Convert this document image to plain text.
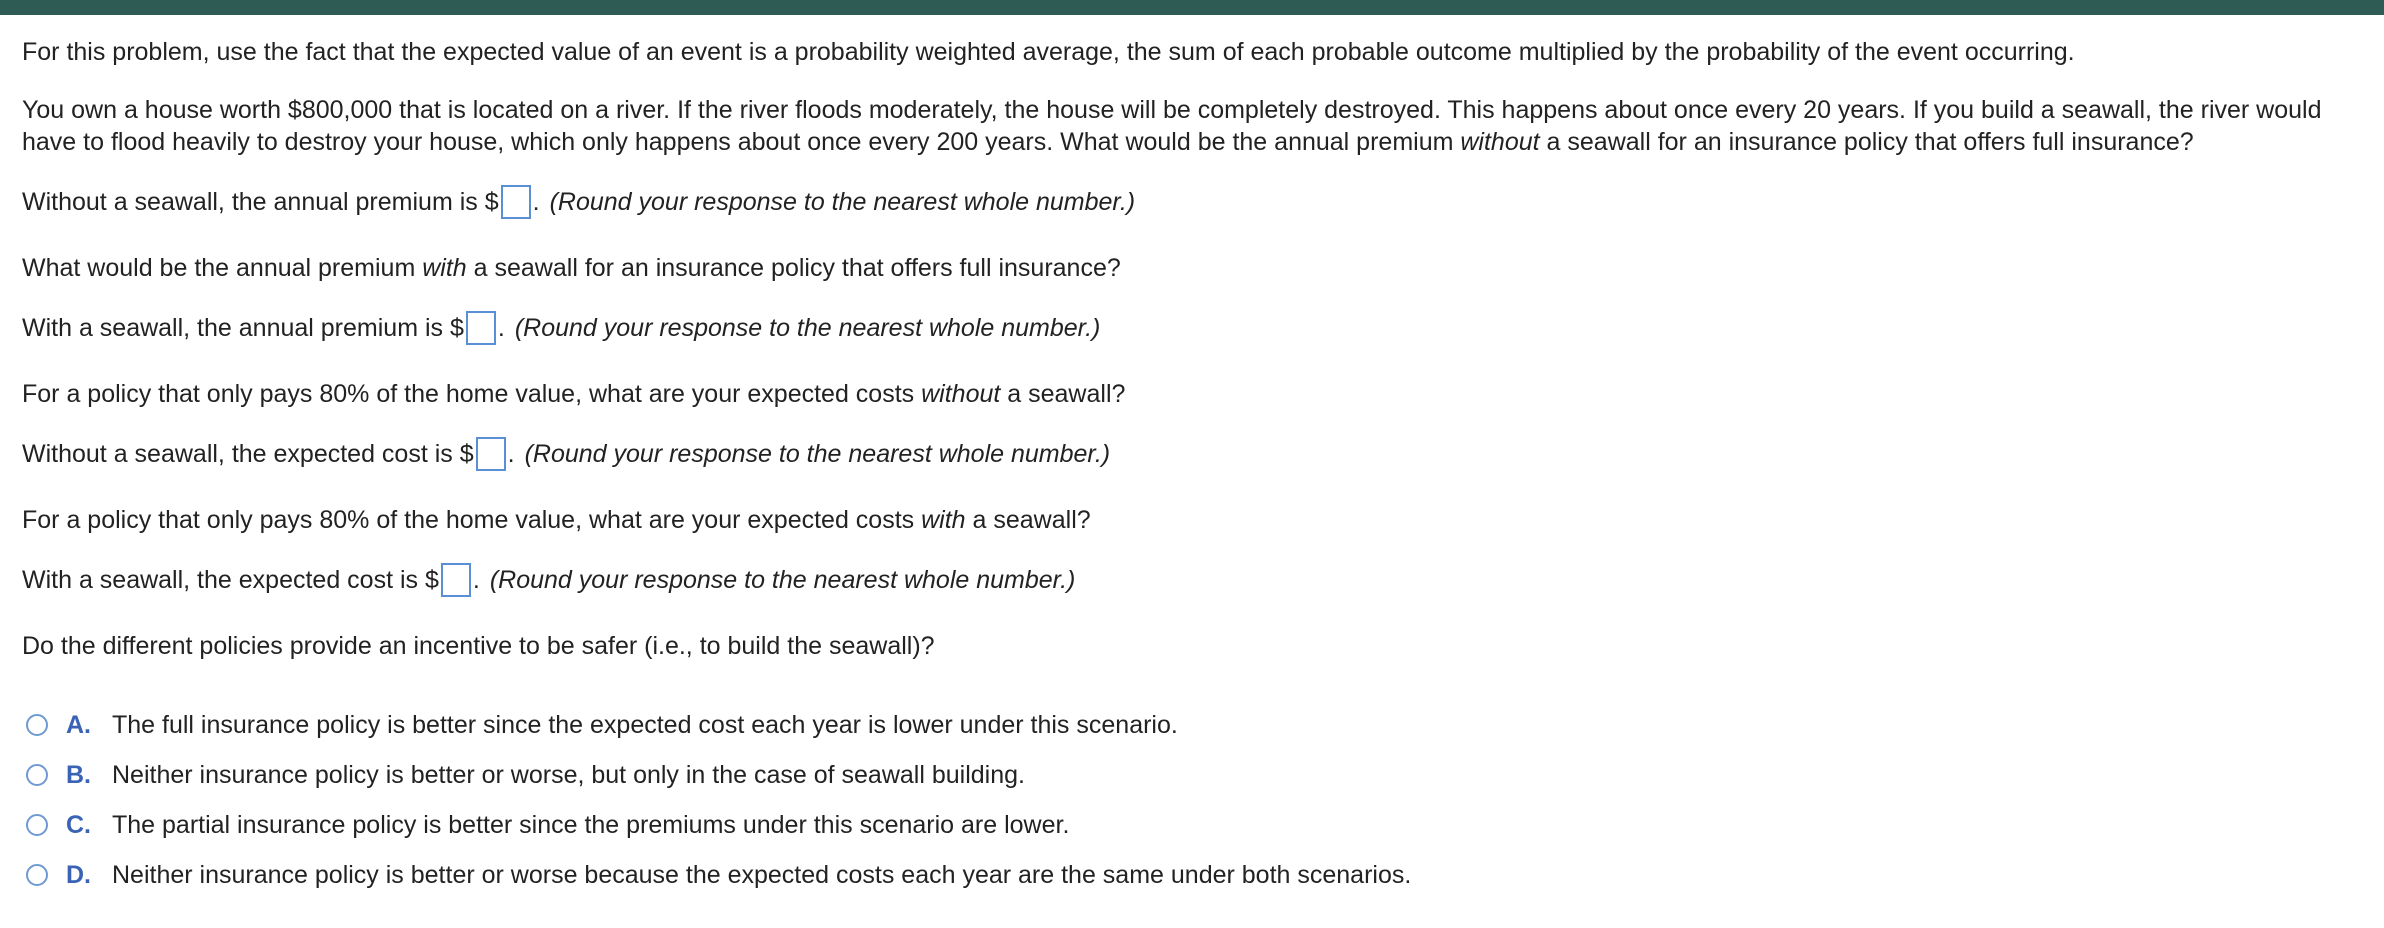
For this problem, use the fact that the expected value of an event is a probability weighted average, the sum of each probable outcome multiplied by the probability of the event occurring.

You own a house worth $800,000 that is located on a river. If the river floods moderately, the house will be completely destroyed. This happens about once every 20 years. If you build a seawall, the river would have to flood heavily to destroy your house, which only happens about once every 200 years. What would be the annual premium without a seawall for an insurance policy that offers full insurance?

Without a seawall, the annual premium is $ . (Round your response to the nearest whole number.)

What would be the annual premium with a seawall for an insurance policy that offers full insurance?

With a seawall, the annual premium is $ . (Round your response to the nearest whole number.)

For a policy that only pays 80% of the home value, what are your expected costs without a seawall?

Without a seawall, the expected cost is $ . (Round your response to the nearest whole number.)

For a policy that only pays 80% of the home value, what are your expected costs with a seawall?

With a seawall, the expected cost is $ . (Round your response to the nearest whole number.)

Do the different policies provide an incentive to be safer (i.e., to build the seawall)?

A. The full insurance policy is better since the expected cost each year is lower under this scenario.
B. Neither insurance policy is better or worse, but only in the case of seawall building.
C. The partial insurance policy is better since the premiums under this scenario are lower.
D. Neither insurance policy is better or worse because the expected costs each year are the same under both scenarios.
